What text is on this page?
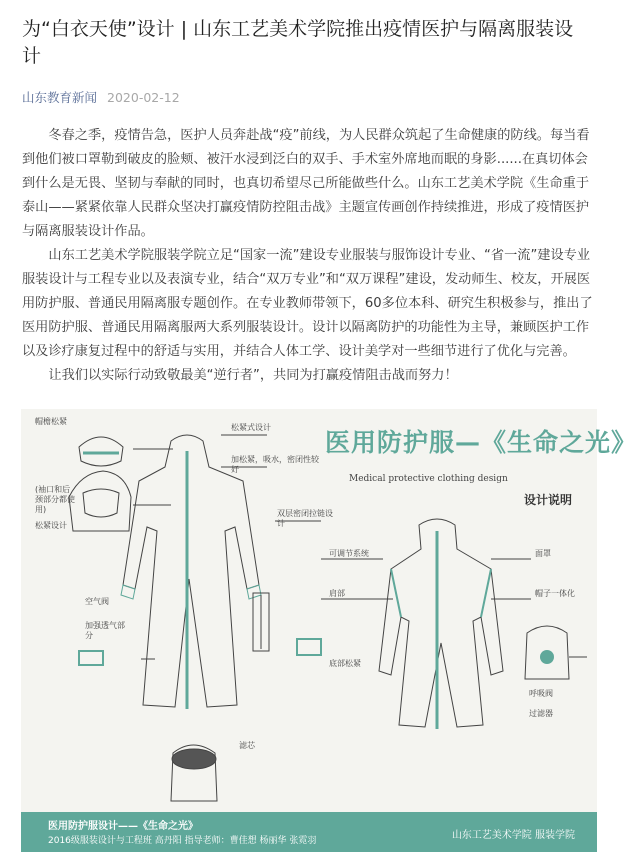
为“白衣天使”设计 | 山东工艺美术学院推出疫情医护与隔离服装设计
山东教育新闻 2020-02-12

冬春之季，疫情告急，医护人员奔赴战“疫”前线，为人民群众筑起了生命健康的防线。每当看到他们被口罩勒到破皮的脸颊、被汗水浸到泛白的双手、手术室外席地而眠的身影......在真切体会到什么是无畏、坚韧与奉献的同时，也真切希望尽己所能做些什么。山东工艺美术学院《生命重于泰山——紧紧依靠人民群众坚决打赢疫情防控阻击战》主题宣传画创作持续推进，形成了疫情医护与隔离服装设计作品。

山东工艺美术学院服装学院立足“国家一流”建设专业服装与服饰设计专业、“省一流”建设专业服装设计与工程专业以及表演专业，结合“双万专业”和“双万课程”建设，发动师生、校友，开展医用防护服、普通民用隔离服专题创作。在专业教师带领下，60多位本科、研究生积极参与，推出了医用防护服、普通民用隔离服两大系列服装设计。设计以隔离防护的功能性为主导，兼顾医护工作以及诊疗康复过程中的舒适与实用，并结合人体工学、设计美学对一些细节进行了优化与完善。

让我们以实际行动致敬最美“逆行者”，共同为打赢疫情阻击战而努力！

医用防护服—《生命之光》
Medical protective clothing design
设计说明
帽檐松紧
(袖口和后颈部分都使用)
松紧设计
松紧式设计
加松紧，吸水，密闭性较好
双层密闭拉链设计
空气阀
加强透气部分
滤芯
可调节系统
肩部
呼吸阀
过滤器
面罩
帽子一体化
底部松紧
医用防护服设计——《生命之光》
2016级服装设计与工程班 高丹阳 指导老师：曹佳想 杨丽华 张霓羽	山东工艺美术学院 服装学院
